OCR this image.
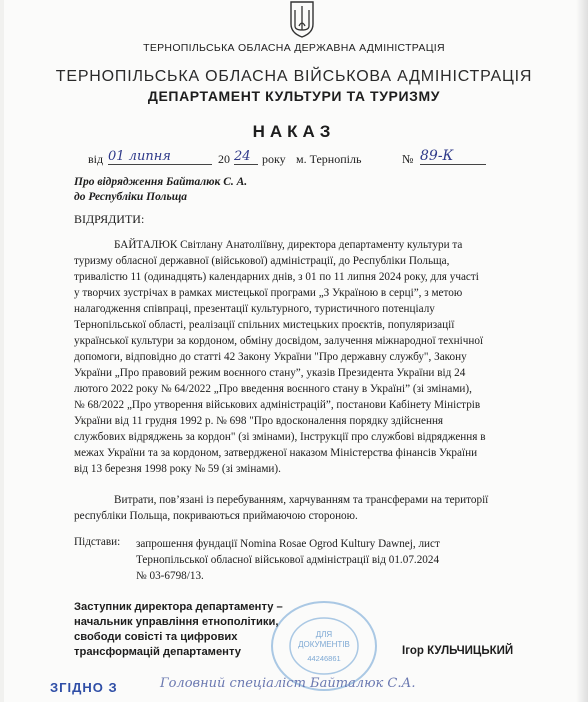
ТЕРНОПІЛЬСЬКА ОБЛАСНА ДЕРЖАВНА АДМІНІСТРАЦІЯ
ТЕРНОПІЛЬСЬКА ОБЛАСНА ВІЙСЬКОВА АДМІНІСТРАЦІЯ
ДЕПАРТАМЕНТ КУЛЬТУРИ ТА ТУРИЗМУ
НАКАЗ
від 01 липня	20 24 року м. Тернопіль	№ 89-К
Про відрядження Байталюк С. А.
до Республіки Польща
ВІДРЯДИТИ:
БАЙТАЛЮК Світлану Анатоліївну, директора департаменту культури та
туризму обласної державної (військової) адміністрації, до Республіки Польща,
тривалістю 11 (одинадцять) календарних днів, з 01 по 11 липня 2024 року, для участі
у творчих зустрічах в рамках мистецької програми „З Україною в серці”, з метою
налагодження співпраці, презентації культурного, туристичного потенціалу
Тернопільської області, реалізації спільних мистецьких проєктів, популяризації
української культури за кордоном, обміну досвідом, залучення міжнародної технічної
допомоги, відповідно до статті 42 Закону України "Про державну службу", Закону
України „Про правовий режим воєнного стану”, указів Президента України від 24
лютого 2022 року № 64/2022 „Про введення воєнного стану в Україні” (зі змінами),
№ 68/2022 „Про утворення військових адміністрацій”, постанови Кабінету Міністрів
України від 11 грудня 1992 р. № 698 "Про вдосконалення порядку здійснення
службових відряджень за кордон" (зі змінами), Інструкції про службові відрядження в
межах України та за кордоном, затвердженої наказом Міністерства фінансів України
від 13 березня 1998 року № 59 (зі змінами).
Витрати, пов’язані із перебуванням, харчуванням та трансферами на території
республіки Польща, покриваються приймаючою стороною.
Підстави: запрошення фундації Nomina Rosae Ogrod Kultury Dawnej, лист
Тернопільської обласної військової адміністрації від 01.07.2024
№ 03-6798/13.
ДЛЯ
ДОКУМЕНТІВ
44246861
Заступник директора департаменту –
начальник управління етнополітики,
свободи совісті та цифрових
трансформацій департаменту	Ігор КУЛЬЧИЦЬКИЙ
ЗГІДНО З	Головний спеціаліст Байталюк С.А.
